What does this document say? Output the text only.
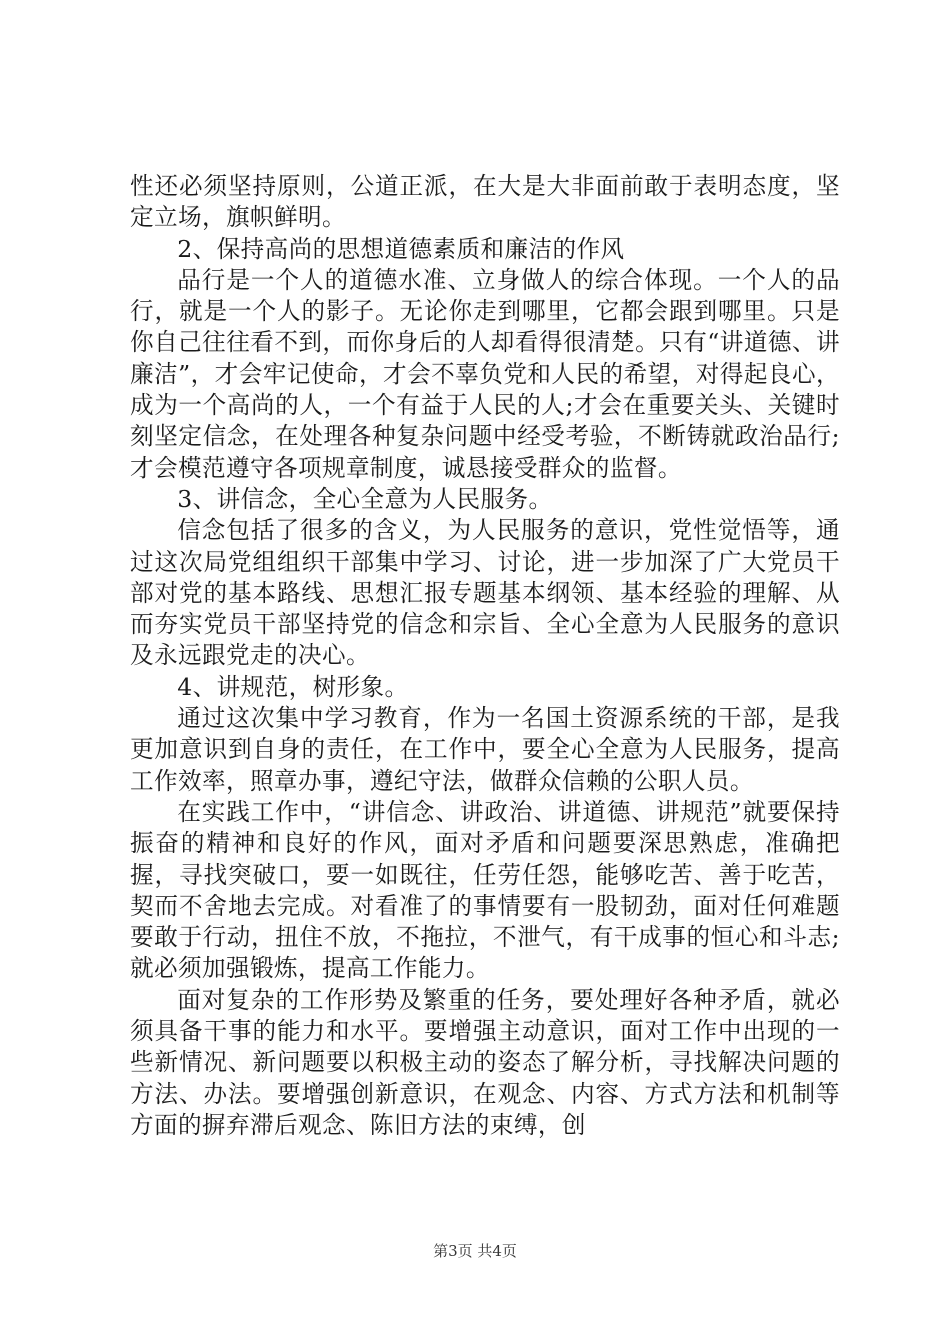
性还必须坚持原则，公道正派，在大是大非面前敢于表明态度，坚定立场，旗帜鲜明。

2、保持高尚的思想道德素质和廉洁的作风

品行是一个人的道德水准、立身做人的综合体现。一个人的品行，就是一个人的影子。无论你走到哪里，它都会跟到哪里。只是你自己往往看不到，而你身后的人却看得很清楚。只有“讲道德、讲廉洁”，才会牢记使命，才会不辜负党和人民的希望，对得起良心，成为一个高尚的人，一个有益于人民的人;才会在重要关头、关键时刻坚定信念，在处理各种复杂问题中经受考验，不断铸就政治品行;才会模范遵守各项规章制度，诚恳接受群众的监督。

3、讲信念，全心全意为人民服务。

信念包括了很多的含义，为人民服务的意识，党性觉悟等，通过这次局党组组织干部集中学习、讨论，进一步加深了广大党员干部对党的基本路线、思想汇报专题基本纲领、基本经验的理解、从而夯实党员干部坚持党的信念和宗旨、全心全意为人民服务的意识及永远跟党走的决心。

4、讲规范，树形象。

通过这次集中学习教育，作为一名国土资源系统的干部，是我更加意识到自身的责任，在工作中，要全心全意为人民服务，提高工作效率，照章办事，遵纪守法，做群众信赖的公职人员。

在实践工作中，“讲信念、讲政治、讲道德、讲规范”就要保持振奋的精神和良好的作风，面对矛盾和问题要深思熟虑，准确把握，寻找突破口，要一如既往，任劳任怨，能够吃苦、善于吃苦，契而不舍地去完成。对看准了的事情要有一股韧劲，面对任何难题要敢于行动，扭住不放，不拖拉，不泄气，有干成事的恒心和斗志;就必须加强锻炼，提高工作能力。

面对复杂的工作形势及繁重的任务，要处理好各种矛盾，就必须具备干事的能力和水平。要增强主动意识，面对工作中出现的一些新情况、新问题要以积极主动的姿态了解分析，寻找解决问题的方法、办法。要增强创新意识，在观念、内容、方式方法和机制等方面的摒弃滞后观念、陈旧方法的束缚，创

第3页 共4页
